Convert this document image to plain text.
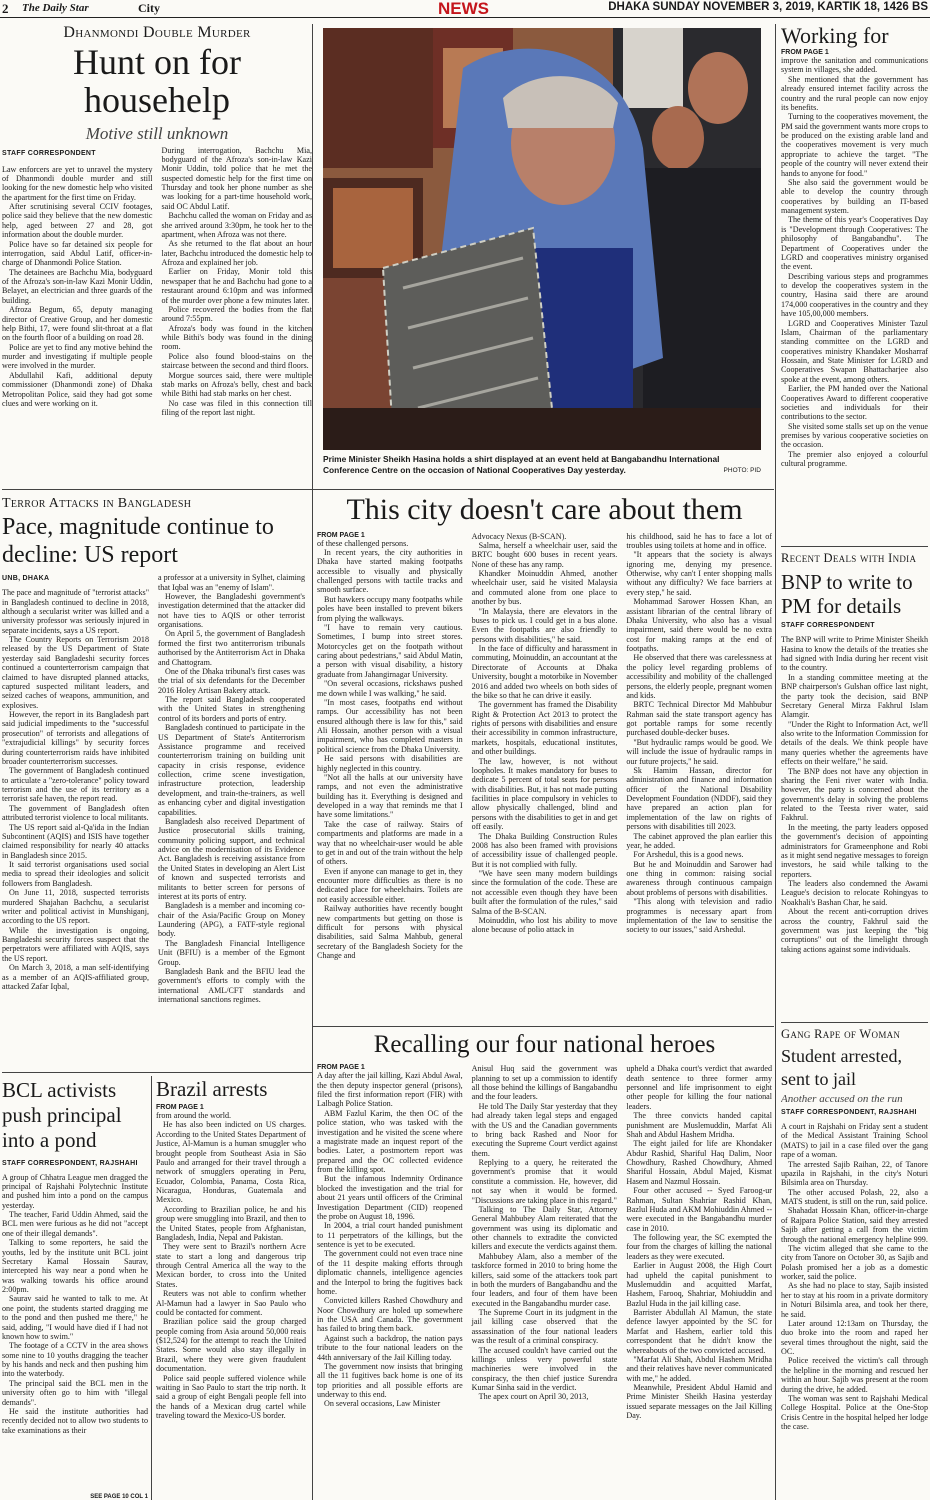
2 The Daily Star	City	NEWS	DHAKA SUNDAY NOVEMBER 3, 2019, KARTIK 18, 1426 BS
Dhanmondi Double Murder
Hunt on for househelp
Motive still unknown
STAFF CORRESPONDENT

Law enforcers are yet to unravel the mystery of Dhanmondi double murder and still looking for the new domestic help who visited the apartment for the first time on Friday.

After scrutinising several CCIV footages, police said they believe that the new domestic help, aged between 27 and 28, got information about the double murder.

Police have so far detained six people for interrogation, said Abdul Latif, officer-in-charge of Dhanmondi Police Station.

The detainees are Bachchu Mia, bodyguard of the Afroza's son-in-law Kazi Monir Uddin, Belayet, an electrician and three guards of the building.

Afroza Begum, 65, deputy managing director of Creative Group, and her domestic help Bithi, 17, were found slit-throat at a flat on the fourth floor of a building on road 28.

Police are yet to find any motive behind the murder and investigating if multiple people were involved in the murder.

Abdullahil Kafi, additional deputy commissioner (Dhanmondi zone) of Dhaka Metropolitan Police, said they had got some clues and were working on it.

During interrogation, Bachchu Mia, bodyguard of the Afroza's son-in-law Kazi Monir Uddin, told police that he met the suspected domestic help for the first time on Thursday and took her phone number as she was looking for a part-time household work, said OC Abdul Latif.

Bachchu called the woman on Friday and as she arrived around 3:30pm, he took her to the apartment, when Afroza was not there.

As she returned to the flat about an hour later, Bachchu introduced the domestic help to Afroza and explained her job.

Earlier on Friday, Monir told this newspaper that he and Bachchu had gone to a restaurant around 6:10pm and was informed of the murder over phone a few minutes later.

Police recovered the bodies from the flat around 7:55pm.

Afroza's body was found in the kitchen while Bithi's body was found in the dining room.

Police also found blood-stains on the staircase between the second and third floors.

Morgue sources said, there were multiple stab marks on Afroza's belly, chest and back while Bithi had stab marks on her chest.

No case was filed in this connection till filing of the report last night.

Prime Minister Sheikh Hasina holds a shirt displayed at an event held at Bangabandhu International Conference Centre on the occasion of National Cooperatives Day yesterday.	PHOTO: PID
Working for
FROM PAGE 1

improve the sanitation and communications system in villages, she added.

She mentioned that the government has already ensured internet facility across the country and the rural people can now enjoy its benefits.

Turning to the cooperatives movement, the PM said the government wants more crops to be produced on the existing arable land and the cooperatives movement is very much appropriate to achieve the target. "The people of the country will never extend their hands to anyone for food."

She also said the government would be able to develop the country through cooperatives by building an IT-based management system.

The theme of this year's Cooperatives Day is "Development through Cooperatives: The philosophy of Bangabandhu". The Department of Cooperatives under the LGRD and cooperatives ministry organised the event.

Describing various steps and programmes to develop the cooperatives system in the country, Hasina said there are around 174,000 cooperatives in the country and they have 105,00,000 members.

LGRD and Cooperatives Minister Tazul Islam, Chairman of the parliamentary standing committee on the LGRD and cooperatives ministry Khandaker Mosharraf Hossain, and State Minister for LGRD and Cooperatives Swapan Bhattacharjee also spoke at the event, among others.

Earlier, the PM handed over the National Cooperatives Award to different cooperative societies and individuals for their contributions to the sector.

She visited some stalls set up on the venue premises by various cooperative societies on the occasion.

The premier also enjoyed a colourful cultural programme.

Terror Attacks in Bangladesh
Pace, magnitude continue to decline: US report
UNB, DHAKA

The pace and magnitude of "terrorist attacks" in Bangladesh continued to decline in 2018, although a secularist writer was killed and a university professor was seriously injured in separate incidents, says a US report.

The Country Reports on Terrorism 2018 released by the US Department of State yesterday said Bangladeshi security forces continued a counterterrorism campaign that claimed to have disrupted planned attacks, captured suspected militant leaders, and seized caches of weapons, ammunition, and explosives.

However, the report in its Bangladesh part said judicial impediments to the "successful prosecution" of terrorists and allegations of "extrajudicial killings" by security forces during counterterrorism raids have inhibited broader counterterrorism successes.

The government of Bangladesh continued to articulate a "zero-tolerance" policy toward terrorism and the use of its territory as a terrorist safe haven, the report read.

The government of Bangladesh often attributed terrorist violence to local militants.

The US report said al-Qa'ida in the Indian Subcontinent (AQIS) and ISIS have together claimed responsibility for nearly 40 attacks in Bangladesh since 2015.

It said terrorist organisations used social media to spread their ideologies and solicit followers from Bangladesh.

On June 11, 2018, suspected terrorists murdered Shajahan Bachchu, a secularist writer and political activist in Munshiganj, according to the US report.

While the investigation is ongoing, Bangladeshi security forces suspect that the perpetrators were affiliated with AQIS, says the US report.

On March 3, 2018, a man self-identifying as a member of an AQIS-affiliated group, attacked Zafar Iqbal,

a professor at a university in Sylhet, claiming that Iqbal was an "enemy of Islam".

However, the Bangladeshi government's investigation determined that the attacker did not have ties to AQIS or other terrorist organisations.

On April 5, the government of Bangladesh formed the first two antiterrorism tribunals authorised by the Antiterrorism Act in Dhaka and Chattogram.

One of the Dhaka tribunal's first cases was the trial of six defendants for the December 2016 Holey Artisan Bakery attack.

The report said Bangladesh cooperated with the United States in strengthening control of its borders and ports of entry.

Bangladesh continued to participate in the US Department of State's Antiterrorism Assistance programme and received counterterrorism training on building unit capacity in crisis response, evidence collection, crime scene investigation, infrastructure protection, leadership development, and train-the-trainers, as well as enhancing cyber and digital investigation capabilities.

Bangladesh also received Department of Justice prosecutorial skills training, community policing support, and technical advice on the modernisation of its Evidence Act. Bangladesh is receiving assistance from the United States in developing an Alert List of known and suspected terrorists and militants to better screen for persons of interest at its ports of entry.

Bangladesh is a member and incoming co-chair of the Asia/Pacific Group on Money Laundering (APG), a FATF-style regional body.

The Bangladesh Financial Intelligence Unit (BFIU) is a member of the Egmont Group.

Bangladesh Bank and the BFIU lead the government's efforts to comply with the international AML/CFT standards and international sanctions regimes.

This city doesn't care about them
FROM PAGE 1

of these challenged persons.

In recent years, the city authorities in Dhaka have started making footpaths accessible to visually and physically challenged persons with tactile tracks and smooth surface.

But hawkers occupy many footpaths while poles have been installed to prevent bikers from plying the walkways.

"I have to remain very cautious. Sometimes, I bump into street stores. Motorcycles get on the footpath without caring about pedestrians," said Abdul Matin, a person with visual disability, a history graduate from Jahangirnagar University.

"On several occasions, rickshaws pushed me down while I was walking," he said.

"In most cases, footpaths end without ramps. Our accessibility has not been ensured although there is law for this," said Ali Hossain, another person with a visual impairment, who has completed masters in political science from the Dhaka University.

He said persons with disabilities are highly neglected in this country.

"Not all the halls at our university have ramps, and not even the administrative building has it. Everything is designed and developed in a way that reminds me that I have some limitations."

Take the case of railway. Stairs of compartments and platforms are made in a way that no wheelchair-user would be able to get in and out of the train without the help of others.

Even if anyone can manage to get in, they encounter more difficulties as there is no dedicated place for wheelchairs. Toilets are not easily accessible either.

Railway authorities have recently bought new compartments but getting on those is difficult for persons with physical disabilities, said Salma Mahbub, general secretary of the Bangladesh Society for the Change and

Advocacy Nexus (B-SCAN).

Salma, herself a wheelchair user, said the BRTC bought 600 buses in recent years. None of these has any ramp.

Khandker Moinuddin Ahmed, another wheelchair user, said he visited Malaysia and commuted alone from one place to another by bus.

"In Malaysia, there are elevators in the buses to pick us. I could get in a bus alone. Even the footpaths are also friendly to persons with disabilities," he said.

In the face of difficulty and harassment in commuting, Moinuddin, an accountant at the Directorate of Accounts at Dhaka University, bought a motorbike in November 2016 and added two wheels on both sides of the bike so that he can drive it easily.

The government has framed the Disability Right & Protection Act 2013 to protect the rights of persons with disabilities and ensure their accessibility in common infrastructure, markets, hospitals, educational institutes, and other buildings.

The law, however, is not without loopholes. It makes mandatory for buses to dedicate 5 percent of total seats for persons with disabilities. But, it has not made putting facilities in place compulsory in vehicles to allow physically challenged, blind and persons with the disabilities to get in and get off easily.

The Dhaka Building Construction Rules 2008 has also been framed with provisions of accessibility issue of challenged people. But it is not complied with fully.

"We have seen many modern buildings since the formulation of the code. These are not accessible even though they have been built after the formulation of the rules," said Salma of the B-SCAN.

Moinuddin, who lost his ability to move alone because of polio attack in

his childhood, said he has to face a lot of troubles using toilets at home and in office.

"It appears that the society is always ignoring me, denying my presence. Otherwise, why can't I enter shopping malls without any difficulty? We face barriers at every step," he said.

Mohammad Sarower Hossen Khan, an assistant librarian of the central library of Dhaka University, who also has a visual impairment, said there would be no extra cost for making ramps at the end of footpaths.

He observed that there was carelessness at the policy level regarding problems of accessibility and mobility of the challenged persons, the elderly people, pregnant women and kids.

BRTC Technical Director Md Mahbubur Rahman said the state transport agency has got portable ramps for some recently purchased double-decker buses.

"But hydraulic ramps would be good. We will include the issue of hydraulic ramps in our future projects," he said.

Sk Hamim Hassan, director for administration and finance and information officer of the National Disability Development Foundation (NDDF), said they have prepared an action plan for implementation of the law on rights of persons with disabilities till 2023.

The cabinet approved the plan earlier this year, he added.

For Arshedul, this is a good news.

But he and Moinuddin and Sarower had one thing in common: raising social awareness through continuous campaign about problems of persons with disabilities.

"This along with television and radio programmes is necessary apart from implementation of the law to sensitise the society to our issues," said Arshedul.

Recent Deals with India
BNP to write to PM for details
STAFF CORRESPONDENT

The BNP will write to Prime Minister Sheikh Hasina to know the details of the treaties she had signed with India during her recent visit to the country.

In a standing committee meeting at the BNP chairperson's Gulshan office last night, the party took the decision, said BNP Secretary General Mirza Fakhrul Islam Alamgir.

"Under the Right to Information Act, we'll also write to the Information Commission for details of the deals. We think people have many queries whether the agreements have effects on their welfare," he said.

The BNP does not have any objection in sharing the Feni river water with India. however, the party is concerned about the government's delay in solving the problems related to the Teesta river water, said Fakhrul.

In the meeting, the party leaders opposed the government's decision of appointing administrators for Grameenphone and Robi as it might send negative messages to foreign investors, he said while talking to the reporters.

The leaders also condemned the Awami League's decision to relocate Rohingyas to Noakhali's Bashan Char, he said.

About the recent anti-corruption drives across the country, Fakhrul said the government was just keeping the "big corruptions" out of the limelight through taking actions against some individuals.

BCL activists push principal into a pond
STAFF CORRESPONDENT, RAJSHAHI

A group of Chhatra League men dragged the principal of Rajshahi Polytechnic Institute and pushed him into a pond on the campus yesterday.

The teacher, Farid Uddin Ahmed, said the BCL men were furious as he did not "accept one of their illegal demands".

Talking to some reporters, he said the youths, led by the institute unit BCL joint Secretary Kamal Hossain Saurav, intercepted his way near a pond when he was walking towards his office around 2:00pm.

Saurav said he wanted to talk to me. At one point, the students started dragging me to the pond and then pushed me there," he said, adding, "I would have died if I had not known how to swim."

The footage of a CCTV in the area shows some nine to 10 youths dragging the teacher by his hands and neck and then pushing him into the waterbody.

The principal said the BCL men in the university often go to him with "illegal demands".

He said the institute authorities had recently decided not to allow two students to take examinations as their

SEE PAGE 10 COL 1
Brazil arrests
FROM PAGE 1

from around the world.

He has also been indicted on US charges. According to the United States Department of Justice, Al-Mamun is a human smuggler who brought people from Southeast Asia in São Paulo and arranged for their travel through a network of smugglers operating in Peru, Ecuador, Colombia, Panama, Costa Rica, Nicaragua, Honduras, Guatemala and Mexico.

According to Brazilian police, he and his group were smuggling into Brazil, and then to the United States, people from Afghanistan, Bangladesh, India, Nepal and Pakistan.

They were sent to Brazil's northern Acre state to start a long and dangerous trip through Central America all the way to the Mexican border, to cross into the United States.

Reuters was not able to confirm whether Al-Mamun had a lawyer in Sao Paulo who could be contacted for comment.

Brazilian police said the group charged people coming from Asia around 50,000 reais ($12,524) for the attempt to reach the United States. Some would also stay illegally in Brazil, where they were given fraudulent documentation.

Police said people suffered violence while waiting in Sao Paulo to start the trip north. It said a group of eight Bengali people fell into the hands of a Mexican drug cartel while traveling toward the Mexico-US border.

Recalling our four national heroes
FROM PAGE 1

A day after the jail killing, Kazi Abdul Awal, the then deputy inspector general (prisons), filed the first information report (FIR) with Lalbagh Police Station.

ABM Fazlul Karim, the then OC of the police station, who was tasked with the investigation and he visited the scene where a magistrate made an inquest report of the bodies. Later, a postmortem report was prepared and the OC collected evidence from the killing spot.

But the infamous Indemnity Ordinance blocked the investigation and the trial for about 21 years until officers of the Criminal Investigation Department (CID) reopened the probe on August 18, 1996.

In 2004, a trial court handed punishment to 11 perpetrators of the killings, but the sentence is yet to be executed.

The government could not even trace nine of the 11 despite making efforts through diplomatic channels, intelligence agencies and the Interpol to bring the fugitives back home.

Convicted killers Rashed Chowdhury and Noor Chowdhury are holed up somewhere in the USA and Canada. The government has failed to bring them back.

Against such a backdrop, the nation pays tribute to the four national leaders on the 44th anniversary of the Jail Killing today.

The government now insists that bringing all the 11 fugitives back home is one of its top priorities and all possible efforts are underway to this end.

On several occasions, Law Minister

Anisul Huq said the government was planning to set up a commission to identify all those behind the killings of Bangabandhu and the four leaders.

He told The Daily Star yesterday that they had already taken legal steps and engaged with the US and the Canadian governments to bring back Rashed and Noor for executing the Supreme Court verdict against them.

Replying to a query, he reiterated the government's promise that it would constitute a commission. He, however, did not say when it would be formed. "Discussions are taking place in this regard."

Talking to The Daily Star, Attorney General Mahbubey Alam reiterated that the government was using its diplomatic and other channels to extradite the convicted killers and execute the verdicts against them.

Mahbubey Alam, also a member of the taskforce formed in 2010 to bring home the killers, said some of the attackers took part in both the murders of Bangabandhu and the four leaders, and four of them have been executed in the Bangabandhu murder case.

The Supreme Court in its judgment in the jail killing case observed that the assassination of the four national leaders was the result of a criminal conspiracy.

The accused couldn't have carried out the killings unless very powerful state machineries were involved in the conspiracy, the then chief justice Surendra Kumar Sinha said in the verdict.

The apex court on April 30, 2013,

upheld a Dhaka court's verdict that awarded death sentence to three former army personnel and life imprisonment to eight other people for killing the four national leaders.

The three convicts handed capital punishment are Muslemuddin, Marfat Ali Shah and Abdul Hashem Mridha.

The eight jailed for life are Khondaker Abdur Rashid, Shariful Haq Dalim, Noor Chowdhury, Rashed Chowdhury, Ahmed Shariful Hossain, Abdul Majed, Kismat Hasem and Nazmul Hossain.

Four other accused -- Syed Faroog-ur Rahman, Sultan Shahriar Rashid Khan, Bazlul Huda and AKM Mohiuddin Ahmed -- were executed in the Bangabandhu murder case in 2010.

The following year, the SC exempted the four from the charges of killing the national leaders as they were executed.

Earlier in August 2008, the High Court had upheld the capital punishment to Muslemuddin and acquitted Marfat, Hashem, Farooq, Shahriar, Mohiuddin and Bazlul Huda in the jail killing case.

Barrister Abdullah Al Mamun, the state defence lawyer appointed by the SC for Marfat and Hashem, earlier told this correspondent that he didn't know the whereabouts of the two convicted accused.

"Marfat Ali Shah, Abdul Hashem Mridha and their relatives have never communicated with me," he added.

Meanwhile, President Abdul Hamid and Prime Minister Sheikh Hasina yesterday issued separate messages on the Jail Killing Day.

Gang Rape of Woman
Student arrested, sent to jail
Another accused on the run
STAFF CORRESPONDENT, RAJSHAHI

A court in Rajshahi on Friday sent a student of the Medical Assistant Training School (MATS) to jail in a case filed over the gang rape of a woman.

The arrested Sajib Raihan, 22, of Tanore upazila in Rajshahi, in the city's Noturi Bilsimla area on Thursday.

The other accused Polash, 22, also a MATS student, is still on the run, said police.

Shahadat Hossain Khan, officer-in-charge of Rajpara Police Station, said they arrested Sajib after getting a call from the victim through the national emergency helpline 999.

The victim alleged that she came to the city from Tanore on October 30, as Sajib and Polash promised her a job as a domestic worker, said the police.

As she had no place to stay, Sajib insisted her to stay at his room in a private dormitory in Noturi Bilsimla area, and took her there, he said.

Later around 12:13am on Thursday, the duo broke into the room and raped her several times throughout the night, said the OC.

Police received the victim's call through the helpline in the morning and rescued her within an hour. Sajib was present at the room during the drive, he added.

The woman was sent to Rajshahi Medical College Hospital. Police at the One-Stop Crisis Centre in the hospital helped her lodge the case.
